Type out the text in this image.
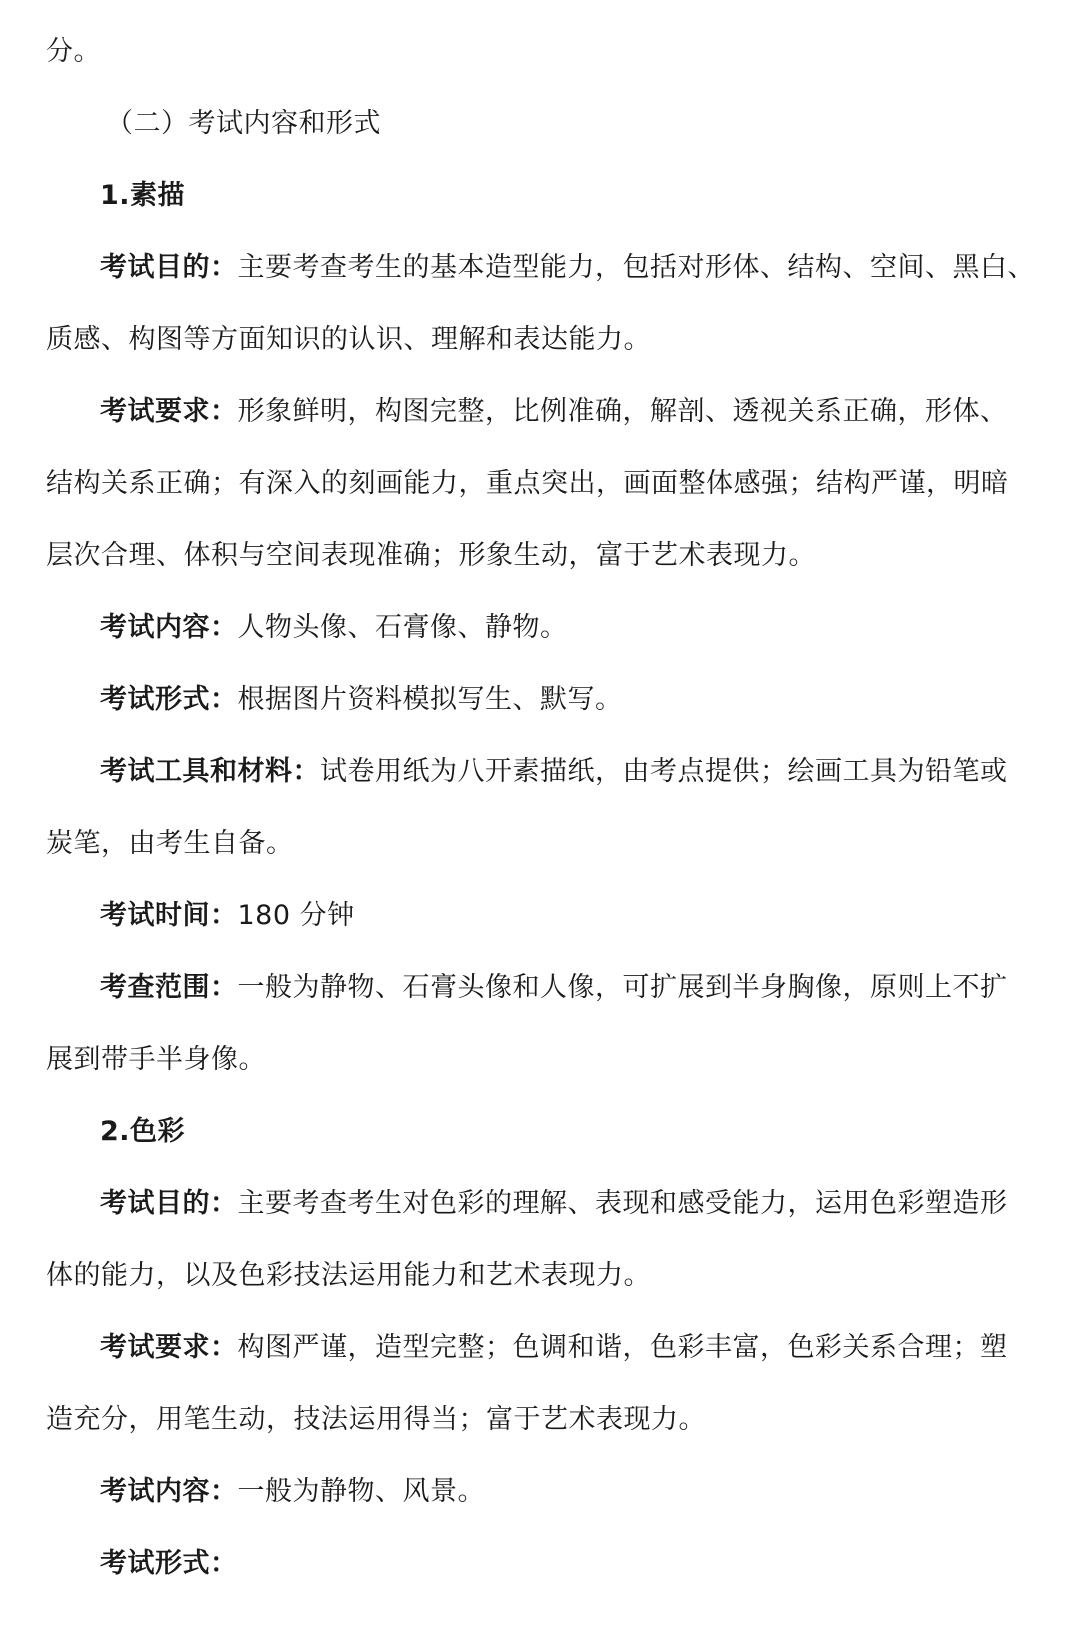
分。

（二）考试内容和形式

1.素描

考试目的：主要考查考生的基本造型能力，包括对形体、结构、空间、黑白、

质感、构图等方面知识的认识、理解和表达能力。

考试要求：形象鲜明，构图完整，比例准确，解剖、透视关系正确，形体、

结构关系正确；有深入的刻画能力，重点突出，画面整体感强；结构严谨，明暗

层次合理、体积与空间表现准确；形象生动，富于艺术表现力。

考试内容：人物头像、石膏像、静物。

考试形式：根据图片资料模拟写生、默写。

考试工具和材料：试卷用纸为八开素描纸，由考点提供；绘画工具为铅笔或

炭笔，由考生自备。

考试时间：180 分钟

考查范围：一般为静物、石膏头像和人像，可扩展到半身胸像，原则上不扩

展到带手半身像。

2.色彩

考试目的：主要考查考生对色彩的理解、表现和感受能力，运用色彩塑造形

体的能力，以及色彩技法运用能力和艺术表现力。

考试要求：构图严谨，造型完整；色调和谐，色彩丰富，色彩关系合理；塑

造充分，用笔生动，技法运用得当；富于艺术表现力。

考试内容：一般为静物、风景。

考试形式：
